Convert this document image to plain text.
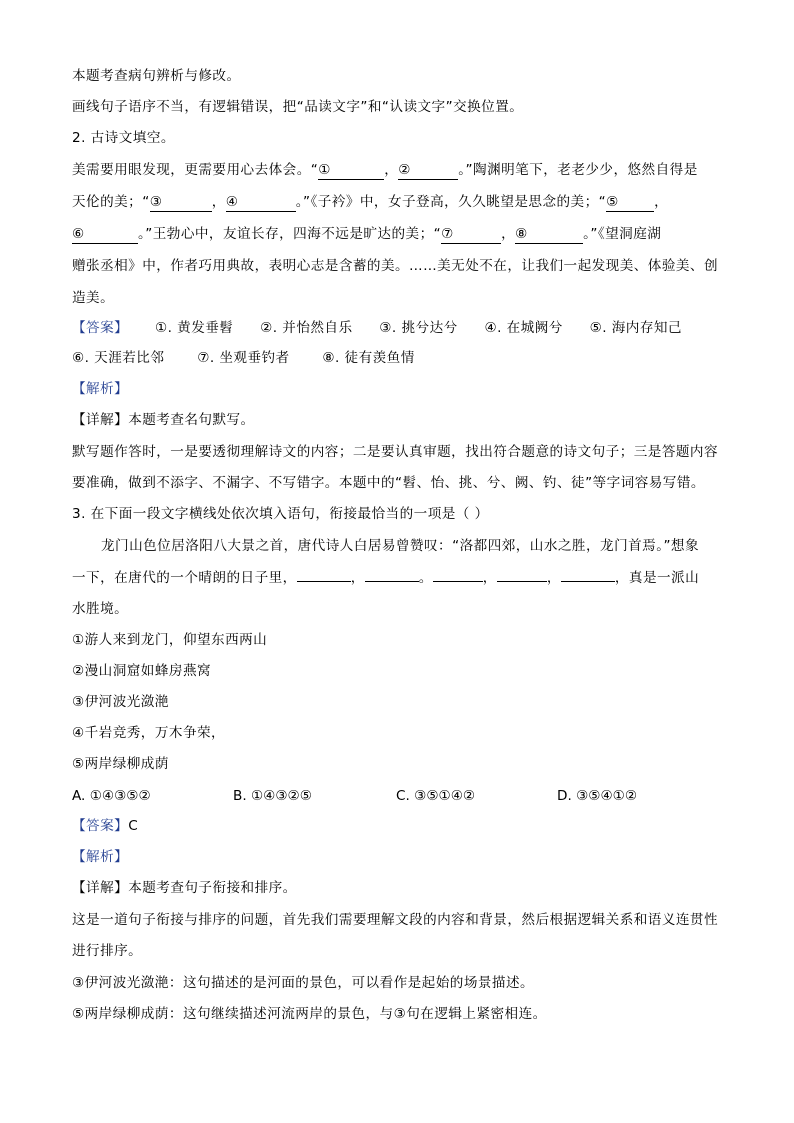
本题考查病句辨析与修改。
画线句子语序不当，有逻辑错误，把“品读文字”和“认读文字”交换位置。
2. 古诗文填空。
美需要用眼发现，更需要用心去体会。“①	，②	。”陶渊明笔下，老老少少，悠然自得是
天伦的美；“③	，④	。”《子衿》中，女子登高，久久眺望是思念的美；“⑤	，
⑥	。”王勃心中，友谊长存，四海不远是旷达的美；“⑦	，⑧	。”《望洞庭湖
赠张丞相》中，作者巧用典故，表明心志是含蓄的美。……美无处不在，让我们一起发现美、体验美、创
造美。
【答案】 ①. 黄发垂髫 ②. 并怡然自乐 ③. 挑兮达兮 ④. 在城阙兮 ⑤. 海内存知己
⑥. 天涯若比邻 ⑦. 坐观垂钓者 ⑧. 徒有羡鱼情
【解析】
【详解】本题考查名句默写。
默写题作答时，一是要透彻理解诗文的内容；二是要认真审题，找出符合题意的诗文句子；三是答题内容
要准确，做到不添字、不漏字、不写错字。本题中的“髫、怡、挑、兮、阙、钓、徒”等字词容易写错。
3. 在下面一段文字横线处依次填入语句，衔接最恰当的一项是（ ）
龙门山色位居洛阳八大景之首，唐代诗人白居易曾赞叹：“洛都四郊，山水之胜，龙门首焉。”想象
一下，在唐代的一个晴朗的日子里，	，	。	，	，	，真是一派山
水胜境。
①游人来到龙门，仰望东西两山
②漫山洞窟如蜂房燕窝
③伊河波光潋滟
④千岩竞秀，万木争荣，
⑤两岸绿柳成荫
A. ①④③⑤②	B. ①④③②⑤	C. ③⑤①④②	D. ③⑤④①②
【答案】C
【解析】
【详解】本题考查句子衔接和排序。
这是一道句子衔接与排序的问题，首先我们需要理解文段的内容和背景，然后根据逻辑关系和语义连贯性
进行排序。
③伊河波光潋滟：这句描述的是河面的景色，可以看作是起始的场景描述。
⑤两岸绿柳成荫：这句继续描述河流两岸的景色，与③句在逻辑上紧密相连。
